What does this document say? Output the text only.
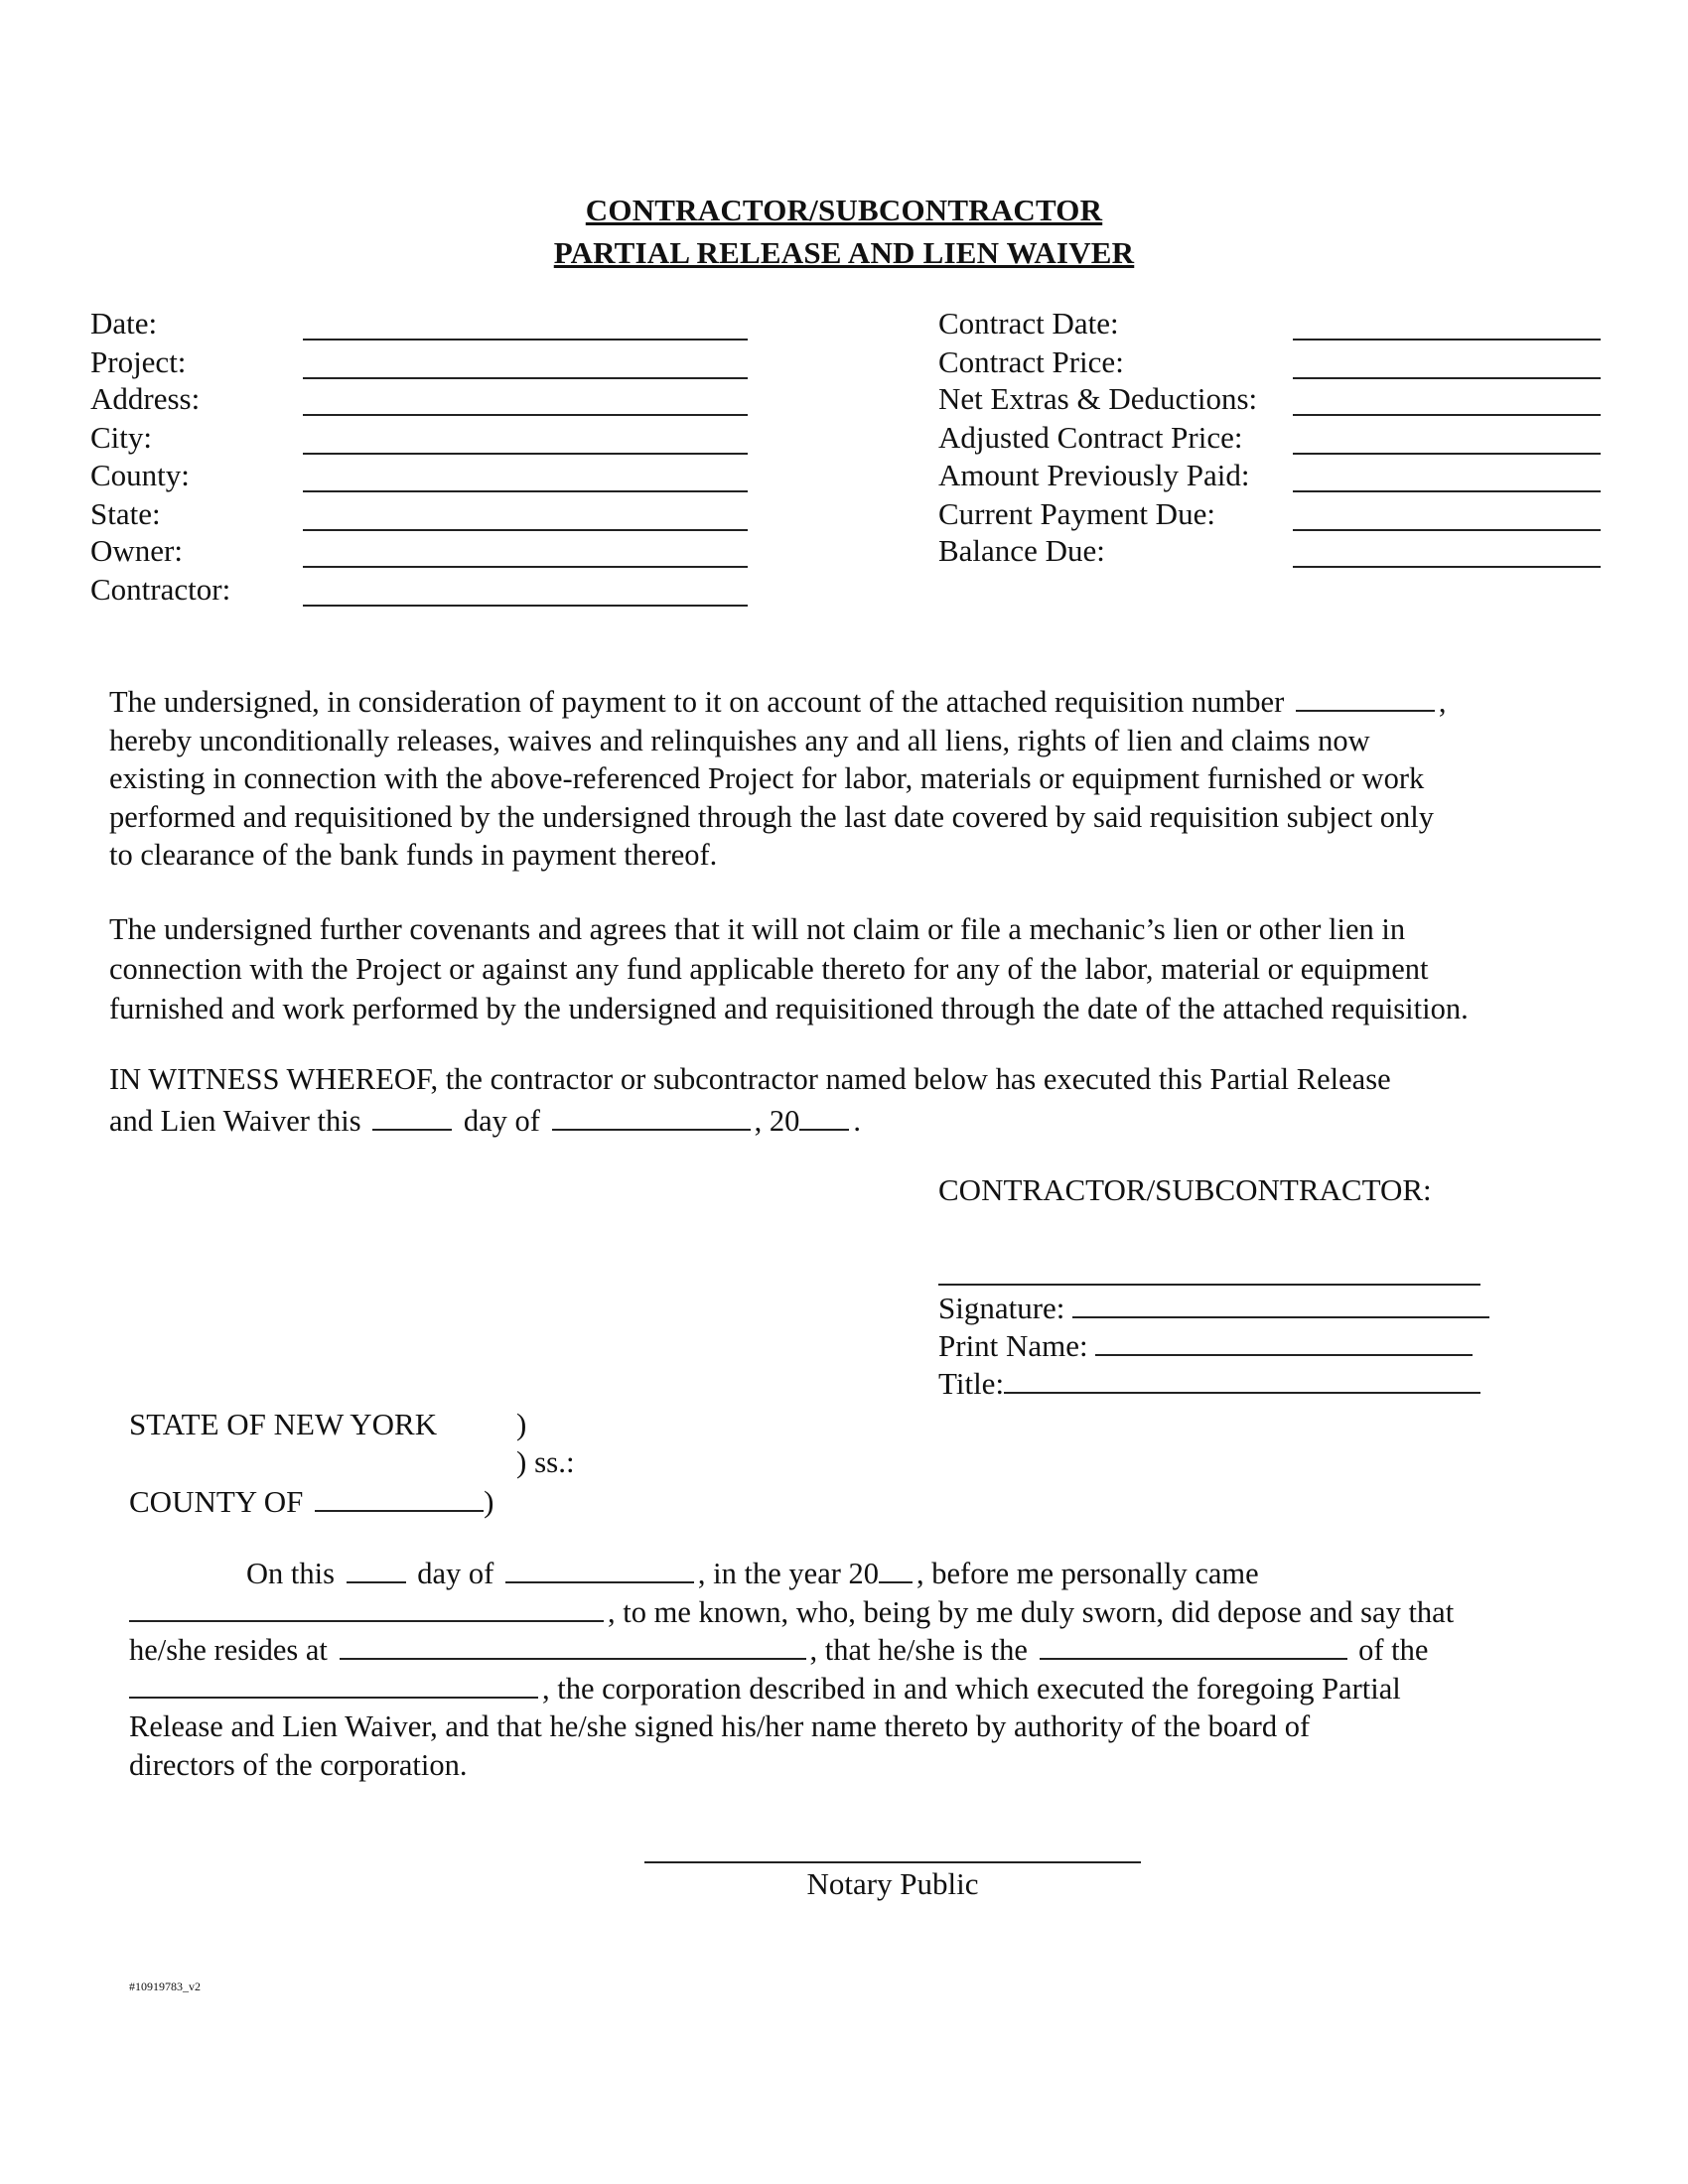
CONTRACTOR/SUBCONTRACTOR
PARTIAL RELEASE AND LIEN WAIVER
Date:
Project:
Address:
City:
County:
State:
Owner:
Contractor:
Contract Date:
Contract Price:
Net Extras & Deductions:
Adjusted Contract Price:
Amount Previously Paid:
Current Payment Due:
Balance Due:
The undersigned, in consideration of payment to it on account of the attached requisition number	,
hereby unconditionally releases, waives and relinquishes any and all liens, rights of lien and claims now
existing in connection with the above-referenced Project for labor, materials or equipment furnished or work
performed and requisitioned by the undersigned through the last date covered by said requisition subject only
to clearance of the bank funds in payment thereof.
The undersigned further covenants and agrees that it will not claim or file a mechanic’s lien or other lien in
connection with the Project or against any fund applicable thereto for any of the labor, material or equipment
furnished and work performed by the undersigned and requisitioned through the date of the attached requisition.
IN WITNESS WHEREOF, the contractor or subcontractor named below has executed this Partial Release
and Lien Waiver this	day of	, 20 .
CONTRACTOR/SUBCONTRACTOR:
Signature:
Print Name:
Title:
STATE OF NEW YORK	)
) ss.:
COUNTY OF	)
On this	day of	, in the year 20 , before me personally came
, to me known, who, being by me duly sworn, did depose and say that
he/she resides at	, that he/she is the	of the
, the corporation described in and which executed the foregoing Partial
Release and Lien Waiver, and that he/she signed his/her name thereto by authority of the board of
directors of the corporation.
Notary Public
#10919783_v2
